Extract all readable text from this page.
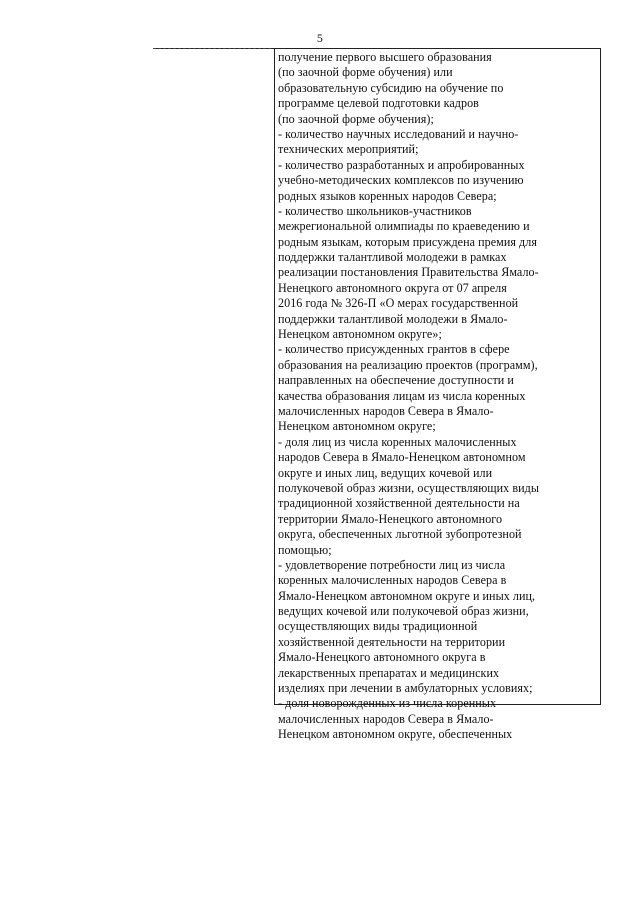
5
получение первого высшего образования
(по заочной форме обучения) или
образовательную субсидию на обучение по
программе целевой подготовки кадров
(по заочной форме обучения);
- количество научных исследований и научно-
технических мероприятий;
- количество разработанных и апробированных
учебно-методических комплексов по изучению
родных языков коренных народов Севера;
- количество школьников-участников
межрегиональной олимпиады по краеведению и
родным языкам, которым присуждена премия для
поддержки талантливой молодежи в рамках
реализации постановления Правительства Ямало-
Ненецкого автономного округа от 07 апреля
2016 года № 326-П «О мерах государственной
поддержки талантливой молодежи в Ямало-
Ненецком автономном округе»;
- количество присужденных грантов в сфере
образования на реализацию проектов (программ),
направленных на обеспечение доступности и
качества образования лицам из числа коренных
малочисленных народов Севера в Ямало-
Ненецком автономном округе;
- доля лиц из числа коренных малочисленных
народов Севера в Ямало-Ненецком автономном
округе и иных лиц, ведущих кочевой или
полукочевой образ жизни, осуществляющих виды
традиционной хозяйственной деятельности на
территории Ямало-Ненецкого автономного
округа, обеспеченных льготной зубопротезной
помощью;
- удовлетворение потребности лиц из числа
коренных малочисленных народов Севера в
Ямало-Ненецком автономном округе и иных лиц,
ведущих кочевой или полукочевой образ жизни,
осуществляющих виды традиционной
хозяйственной деятельности на территории
Ямало-Ненецкого автономного округа в
лекарственных препаратах и медицинских
изделиях при лечении в амбулаторных условиях;
- доля новорожденных из числа коренных
малочисленных народов Севера в Ямало-
Ненецком автономном округе, обеспеченных
